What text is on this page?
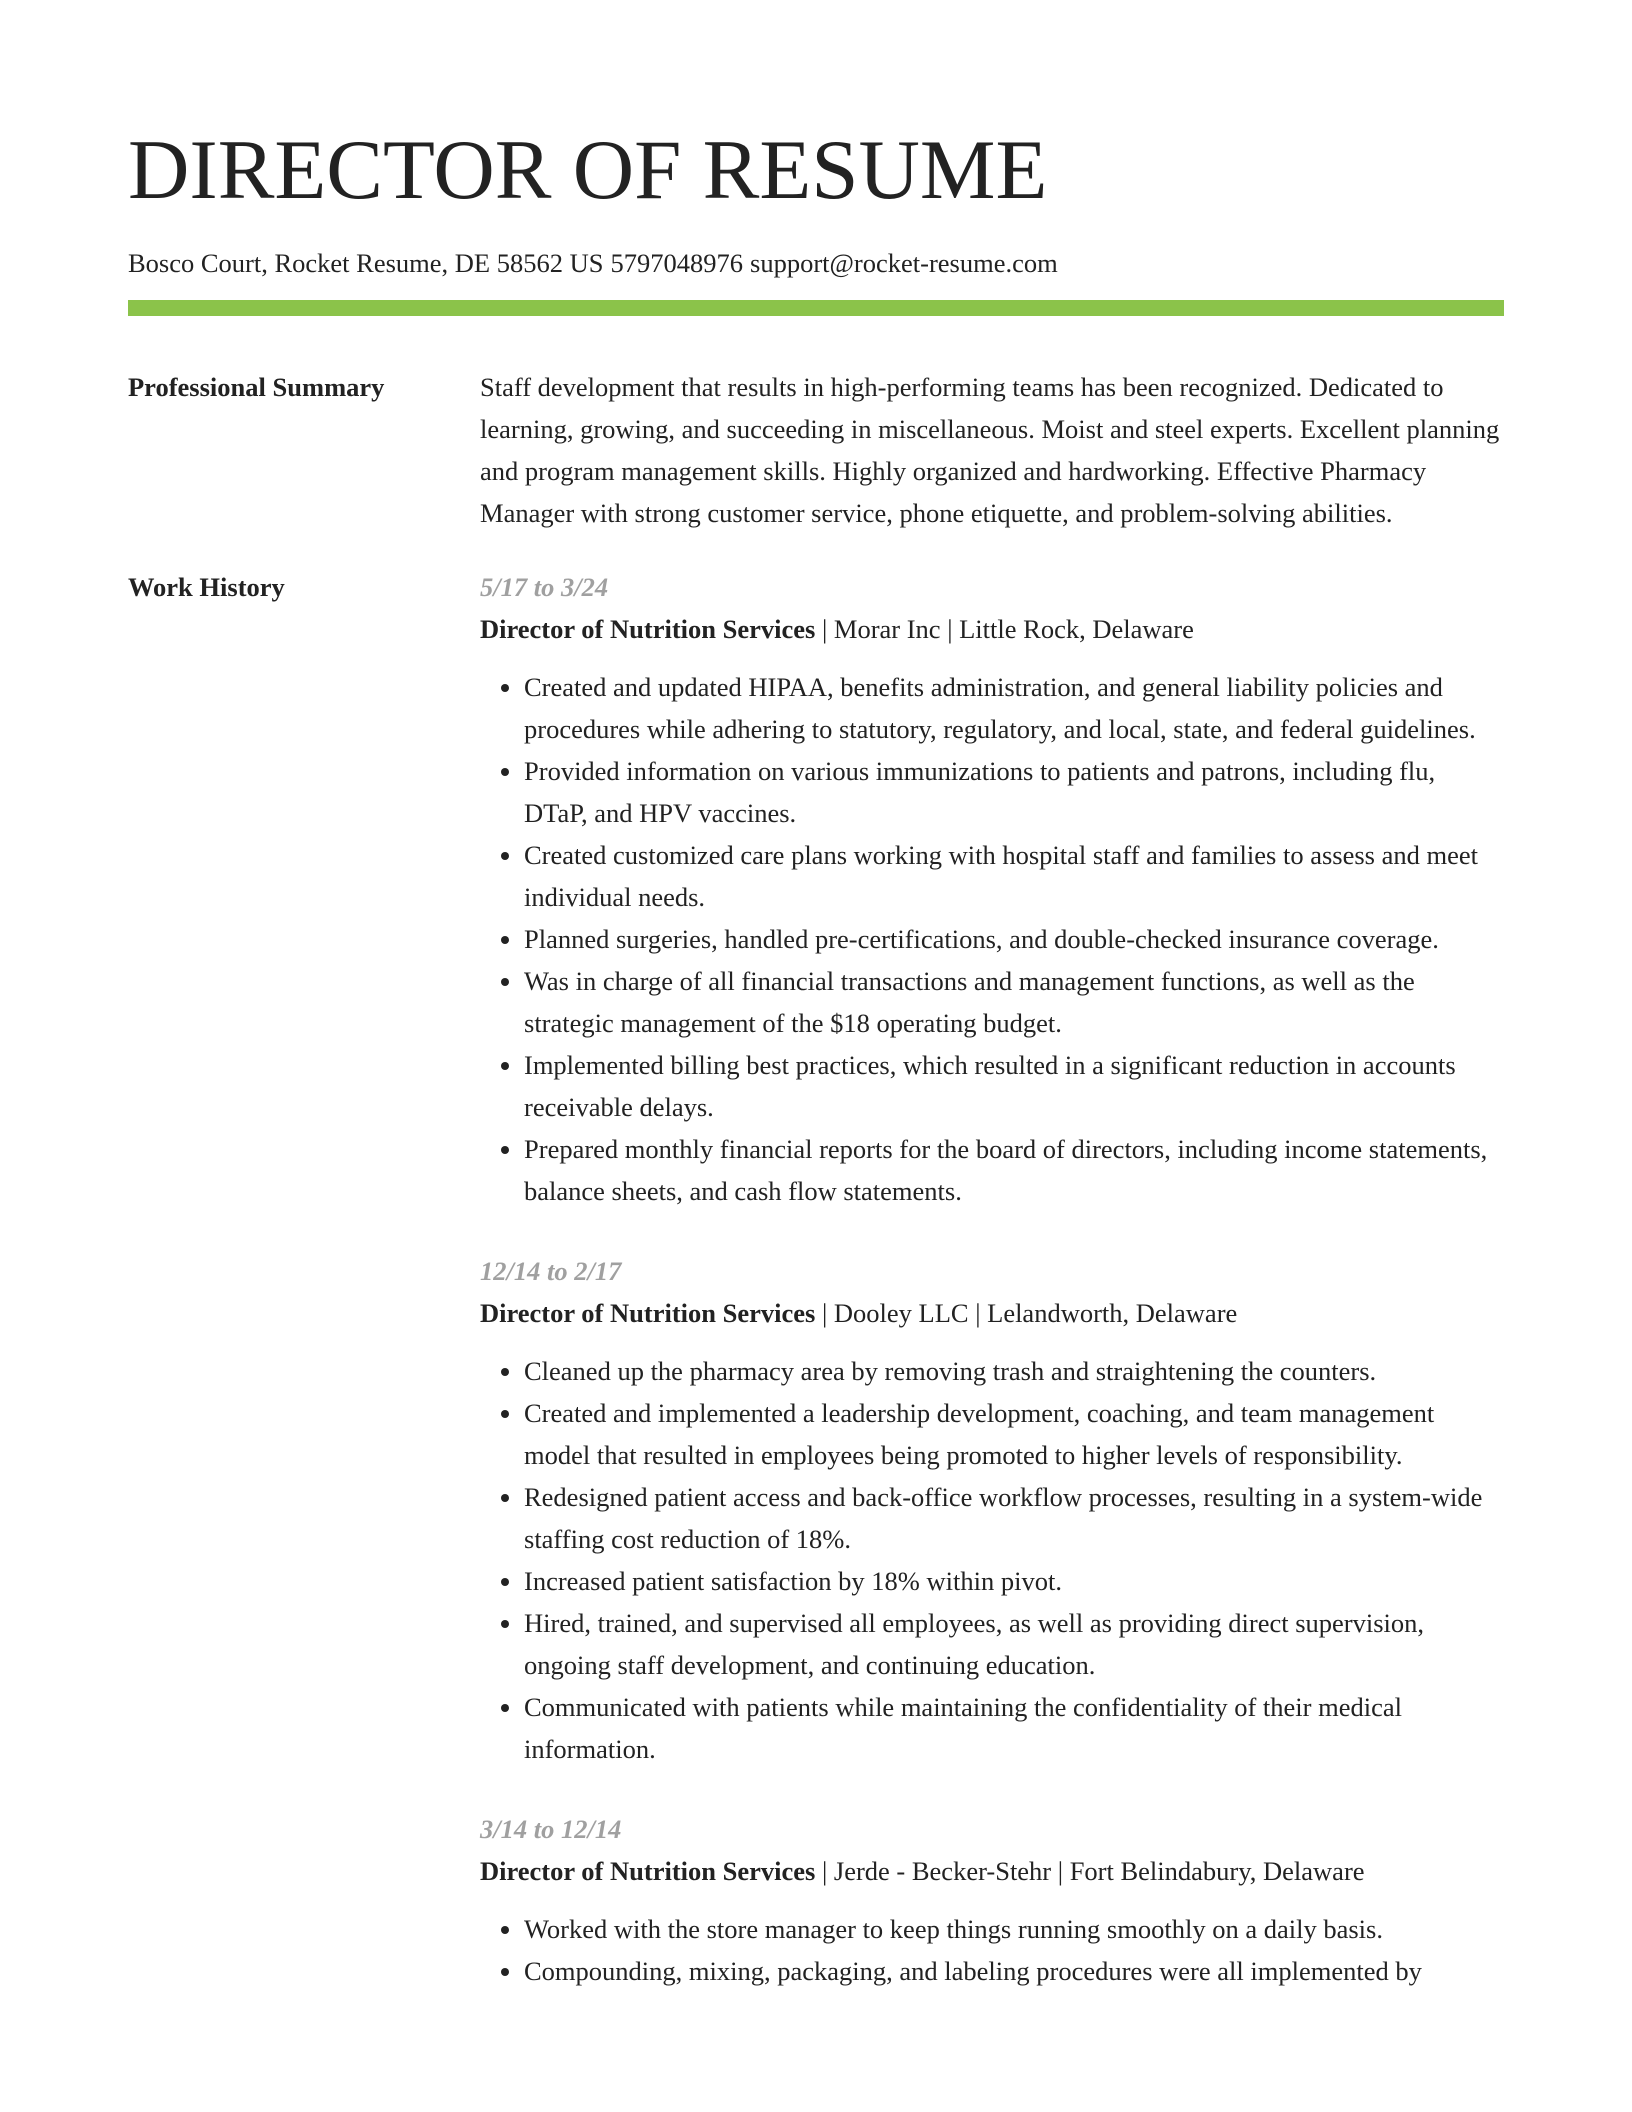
DIRECTOR OF RESUME
Bosco Court, Rocket Resume, DE 58562 US 5797048976 support@rocket-resume.com
Professional Summary	Staff development that results in high-performing teams has been recognized. Dedicated to learning, growing, and succeeding in miscellaneous. Moist and steel experts. Excellent planning and program management skills. Highly organized and hardworking. Effective Pharmacy Manager with strong customer service, phone etiquette, and problem-solving abilities.

Work History	5/17 to 3/24
Director of Nutrition Services | Morar Inc | Little Rock, Delaware
• Created and updated HIPAA, benefits administration, and general liability policies and procedures while adhering to statutory, regulatory, and local, state, and federal guidelines.
• Provided information on various immunizations to patients and patrons, including flu, DTaP, and HPV vaccines.
• Created customized care plans working with hospital staff and families to assess and meet individual needs.
• Planned surgeries, handled pre-certifications, and double-checked insurance coverage.
• Was in charge of all financial transactions and management functions, as well as the strategic management of the $18 operating budget.
• Implemented billing best practices, which resulted in a significant reduction in accounts receivable delays.
• Prepared monthly financial reports for the board of directors, including income statements, balance sheets, and cash flow statements.
12/14 to 2/17
Director of Nutrition Services | Dooley LLC | Lelandworth, Delaware
• Cleaned up the pharmacy area by removing trash and straightening the counters.
• Created and implemented a leadership development, coaching, and team management model that resulted in employees being promoted to higher levels of responsibility.
• Redesigned patient access and back-office workflow processes, resulting in a system-wide staffing cost reduction of 18%.
• Increased patient satisfaction by 18% within pivot.
• Hired, trained, and supervised all employees, as well as providing direct supervision, ongoing staff development, and continuing education.
• Communicated with patients while maintaining the confidentiality of their medical information.
3/14 to 12/14
Director of Nutrition Services | Jerde - Becker-Stehr | Fort Belindabury, Delaware
• Worked with the store manager to keep things running smoothly on a daily basis.
• Compounding, mixing, packaging, and labeling procedures were all implemented by
